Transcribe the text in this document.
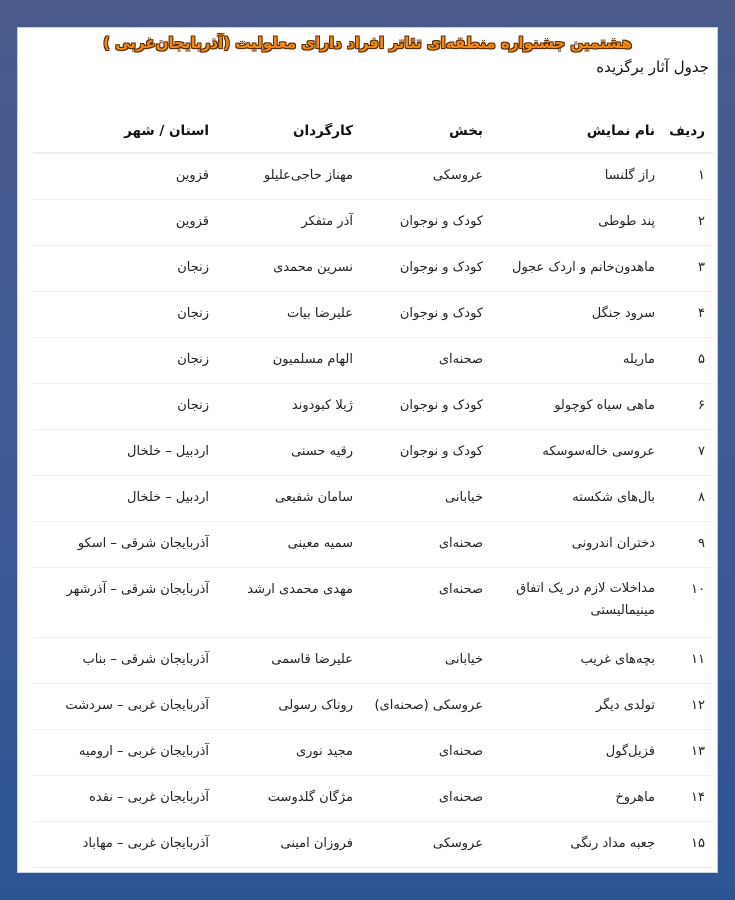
هشتمین جشنواره منطقه‌ای تئاتر افراد دارای معلولیت (آذربایجان‌غربی )
جدول آثار برگزیده
ردیف	نام نمایش	بخش	کارگردان	استان / شهر
۱	راز گلنسا	عروسکی	مهناز حاجی‌علیلو	قزوین
۲	پند طوطی	کودک و نوجوان	آذر متفکر	قزوین
۳	ماهدون‌خانم و اردک عجول	کودک و نوجوان	نسرین محمدی	زنجان
۴	سرود جنگل	کودک و نوجوان	علیرضا بیات	زنجان
۵	ماریله	صحنه‌ای	الهام مسلمیون	زنجان
۶	ماهی سیاه کوچولو	کودک و نوجوان	ژیلا کبودوند	زنجان
۷	عروسی خاله‌سوسکه	کودک و نوجوان	رقیه حسنی	اردبیل – خلخال
۸	بال‌های شکسته	خیابانی	سامان شفیعی	اردبیل – خلخال
۹	دختران اندرونی	صحنه‌ای	سمیه معینی	آذربایجان شرقی – اسکو
۱۰	مداخلات لازم در یک اتفاق مینیمالیستی	صحنه‌ای	مهدی محمدی ارشد	آذربایجان شرقی – آذرشهر
۱۱	بچه‌های غریب	خیابانی	علیرضا قاسمی	آذربایجان شرقی – بناب
۱۲	تولدی دیگر	عروسکی (صحنه‌ای)	روناک رسولی	آذربایجان غربی – سردشت
۱۳	قزیل‌گول	صحنه‌ای	مجید نوری	آذربایجان غربی – ارومیه
۱۴	ماهروخ	صحنه‌ای	مژگان گلدوست	آذربایجان غربی – نقده
۱۵	جعبه مداد رنگی	عروسکی	فروزان امینی	آذربایجان غربی – مهاباد
